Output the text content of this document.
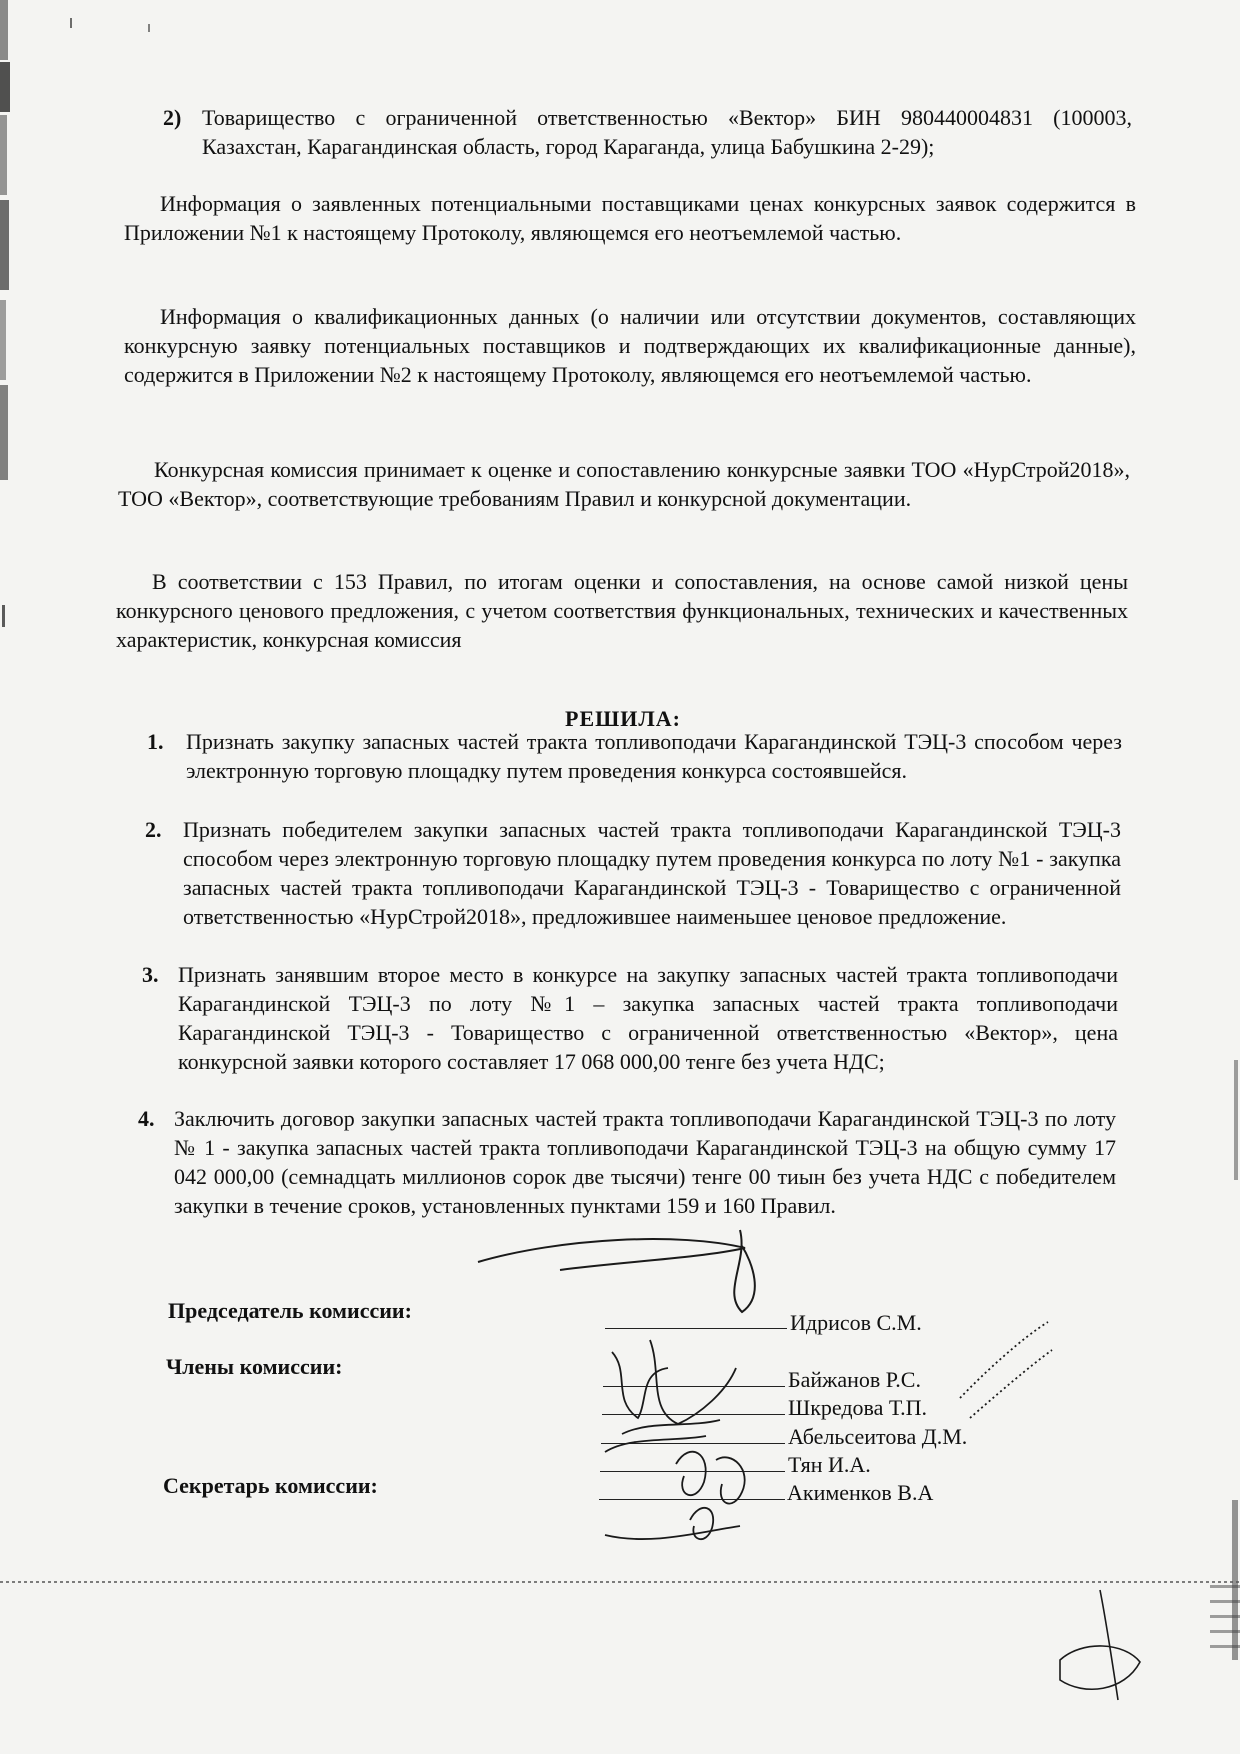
2) Товарищество с ограниченной ответственностью «Вектор» БИН 980440004831 (100003, Казахстан, Карагандинская область, город Караганда, улица Бабушкина 2-29);
Информация о заявленных потенциальными поставщиками ценах конкурсных заявок содержится в Приложении №1 к настоящему Протоколу, являющемся его неотъемлемой частью.
Информация о квалификационных данных (о наличии или отсутствии документов, составляющих конкурсную заявку потенциальных поставщиков и подтверждающих их квалификационные данные), содержится в Приложении №2 к настоящему Протоколу, являющемся его неотъемлемой частью.
Конкурсная комиссия принимает к оценке и сопоставлению конкурсные заявки ТОО «НурСтрой2018», ТОО «Вектор», соответствующие требованиям Правил и конкурсной документации.
В соответствии с 153 Правил, по итогам оценки и сопоставления, на основе самой низкой цены конкурсного ценового предложения, с учетом соответствия функциональных, технических и качественных характеристик, конкурсная комиссия
РЕШИЛА:
1. Признать закупку запасных частей тракта топливоподачи Карагандинской ТЭЦ-3 способом через электронную торговую площадку путем проведения конкурса состоявшейся.
2. Признать победителем закупки запасных частей тракта топливоподачи Карагандинской ТЭЦ-3 способом через электронную торговую площадку путем проведения конкурса по лоту №1 - закупка запасных частей тракта топливоподачи Карагандинской ТЭЦ-3 - Товарищество с ограниченной ответственностью «НурСтрой2018», предложившее наименьшее ценовое предложение.
3. Признать занявшим второе место в конкурсе на закупку запасных частей тракта топливоподачи Карагандинской ТЭЦ-3 по лоту №1 – закупка запасных частей тракта топливоподачи Карагандинской ТЭЦ-3 - Товарищество с ограниченной ответственностью «Вектор», цена конкурсной заявки которого составляет 17 068 000,00 тенге без учета НДС;
4. Заключить договор закупки запасных частей тракта топливоподачи Карагандинской ТЭЦ-3 по лоту № 1 - закупка запасных частей тракта топливоподачи Карагандинской ТЭЦ-3 на общую сумму 17 042 000,00 (семнадцать миллионов сорок две тысячи) тенге 00 тиын без учета НДС с победителем закупки в течение сроков, установленных пунктами 159 и 160 Правил.
Председатель комиссии:	Идрисов С.М.
Члены комиссии:
Байжанов Р.С.
Шкредова Т.П.
Абельсеитова Д.М.
Тян И.А.
Секретарь комиссии:	Акименков В.А
